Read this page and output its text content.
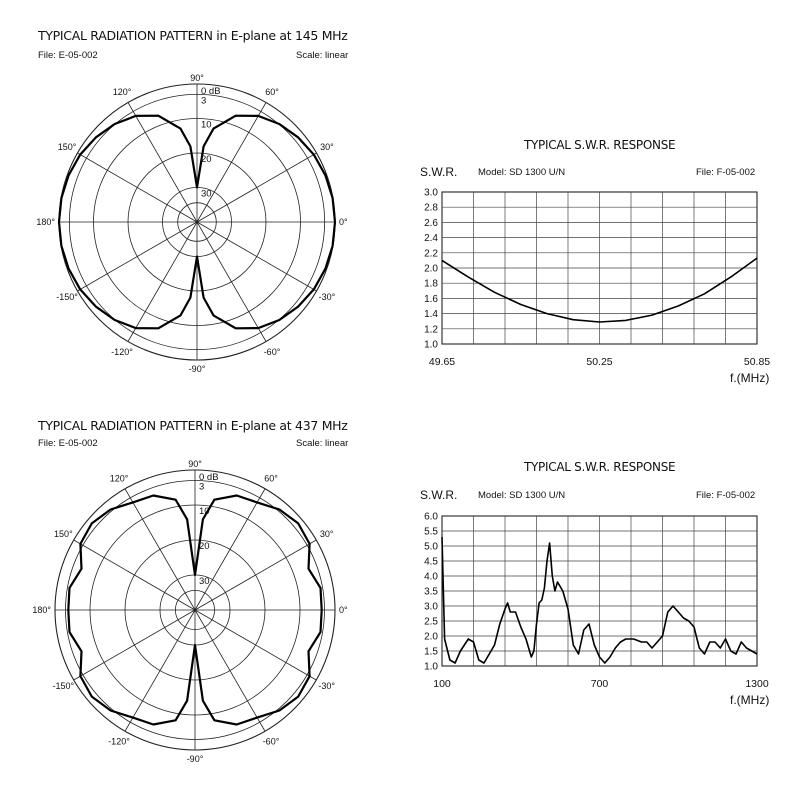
TYPICAL RADIATION PATTERN in E-plane at 145 MHz
File: E-05-002	Scale: linear
90°
60°
30°
0°
-30°
-60°
-90°
-120°
-150°
180°
150°
120°	0 dB
3
10
20
30
TYPICAL S.W.R. RESPONSE
S.W.R. Model: SD 1300 U/N	File: F-05-002
f.(MHz)
3.0
2.8
2.6
2.4
2.2
2.0
1.8
1.6
1.4
1.2
1.0
49.65	50.25	50.85
TYPICAL RADIATION PATTERN in E-plane at 437 MHz
File: E-05-002	Scale: linear
90°
60°
30°
0°
-30°
-60°
-90°
-120°
-150°
180°
150°
120°	0 dB
3
10
20
30
TYPICAL S.W.R. RESPONSE
S.W.R. Model: SD 1300 U/N	File: F-05-002
f.(MHz)
6.0
5.5
5.0
4.5
4.0
3.5
3.0
2.5
2.0
1.5
1.0
100	700	1300
